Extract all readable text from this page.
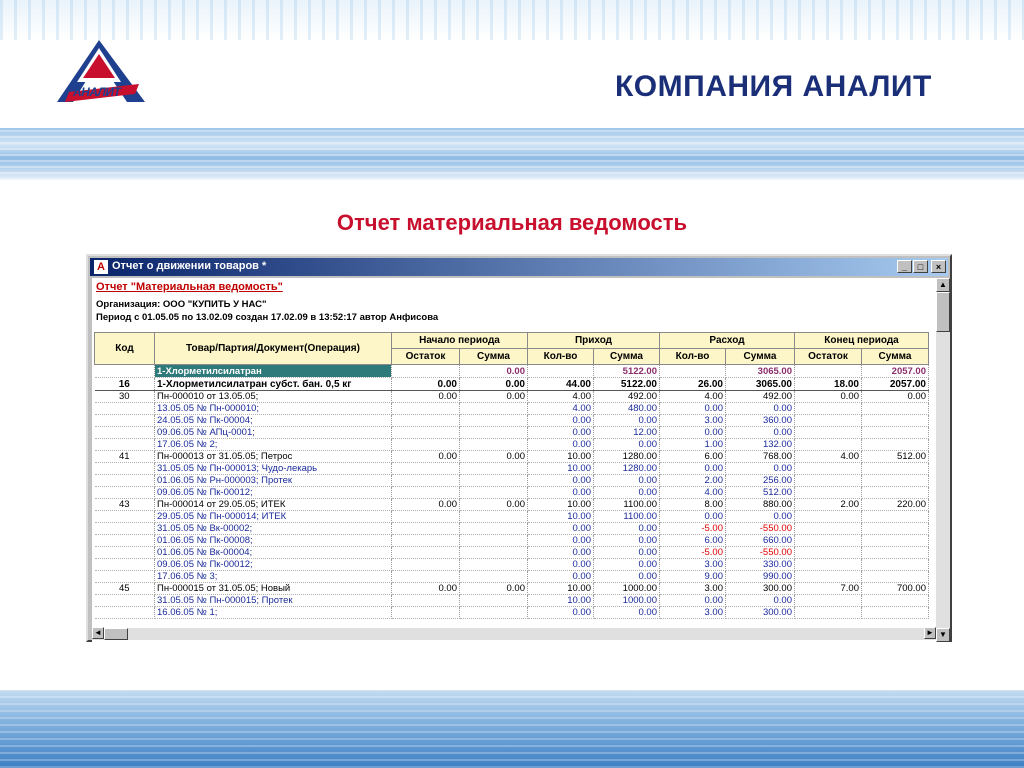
АНАЛИТ	КОМПАНИЯ АНАЛИТ
Отчет материальная ведомость
A Отчет о движении товаров *	_	□	×
Отчет "Материальная ведомость"
Организация: ООО "КУПИТЬ У НАС"
Период с 01.05.05 по 13.02.09 создан 17.02.09 в 13:52:17 автор Анфисова
Код	Товар/Партия/Документ(Операция)	Начало периода		Приход		Расход		Конец периода	
		Остаток	Сумма	Кол-во	Сумма	Кол-во	Сумма	Остаток	Сумма
	1-Хлорметилсилатран		0.00		5122.00		3065.00		2057.00
16	1-Хлорметилсилатран субст. бан. 0,5 кг	0.00	0.00	44.00	5122.00	26.00	3065.00	18.00	2057.00
30	Пн-000010 от 13.05.05;	0.00	0.00	4.00	492.00	4.00	492.00	0.00	0.00
	13.05.05 № Пн-000010;			4.00	480.00	0.00	0.00		
	24.05.05 № Пк-00004;			0.00	0.00	3.00	360.00		
	09.06.05 № АПц-0001;			0.00	12.00	0.00	0.00		
	17.06.05 № 2;			0.00	0.00	1.00	132.00		
41	Пн-000013 от 31.05.05; Петрос	0.00	0.00	10.00	1280.00	6.00	768.00	4.00	512.00
	31.05.05 № Пн-000013; Чудо-лекарь			10.00	1280.00	0.00	0.00		
	01.06.05 № Рн-000003; Протек			0.00	0.00	2.00	256.00		
	09.06.05 № Пк-00012;			0.00	0.00	4.00	512.00		
43	Пн-000014 от 29.05.05; ИТЕК	0.00	0.00	10.00	1100.00	8.00	880.00	2.00	220.00
	29.05.05 № Пн-000014; ИТЕК			10.00	1100.00	0.00	0.00		
	31.05.05 № Вк-00002;			0.00	0.00	-5.00	-550.00		
	01.06.05 № Пк-00008;			0.00	0.00	6.00	660.00		
	01.06.05 № Вк-00004;			0.00	0.00	-5.00	-550.00		
	09.06.05 № Пк-00012;			0.00	0.00	3.00	330.00		
	17.06.05 № 3;			0.00	0.00	9.00	990.00		
45	Пн-000015 от 31.05.05; Новый	0.00	0.00	10.00	1000.00	3.00	300.00	7.00	700.00
	31.05.05 № Пн-000015; Протек			10.00	1000.00	0.00	0.00		
	16.06.05 № 1;			0.00	0.00	3.00	300.00		
▲
▼
◄	►
